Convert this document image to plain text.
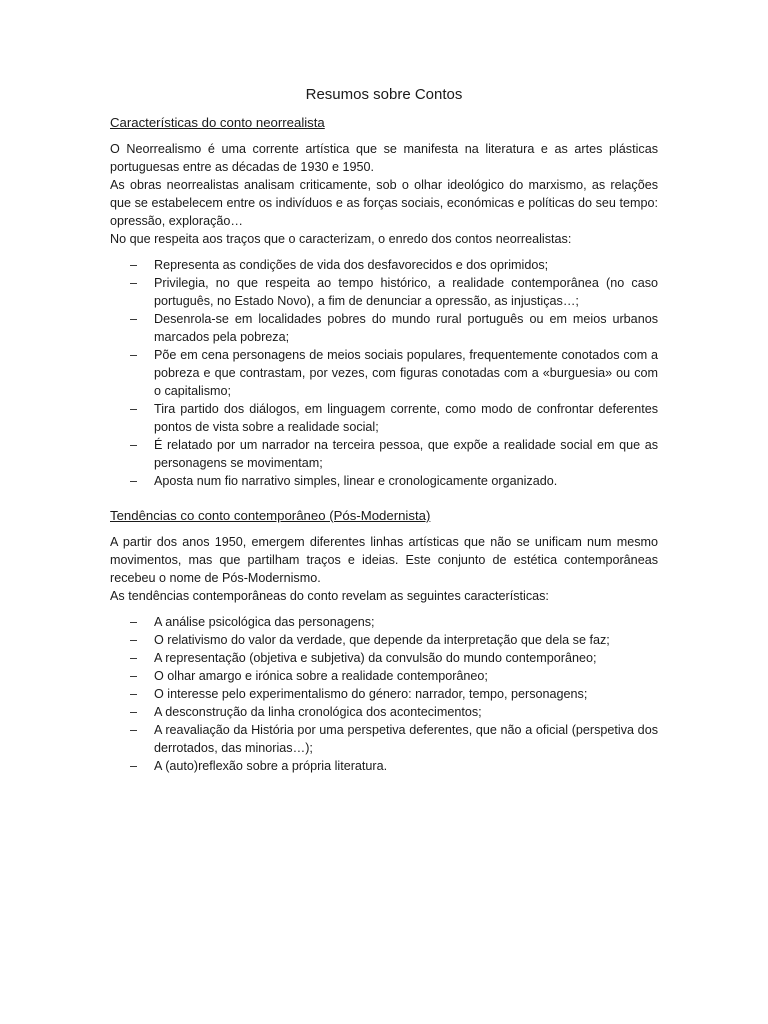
Resumos sobre Contos
Características do conto neorrealista

O Neorrealismo é uma corrente artística que se manifesta na literatura e as artes plásticas portuguesas entre as décadas de 1930 e 1950.

As obras neorrealistas analisam criticamente, sob o olhar ideológico do marxismo, as relações que se estabelecem entre os indivíduos e as forças sociais, económicas e políticas do seu tempo: opressão, exploração…

No que respeita aos traços que o caracterizam, o enredo dos contos neorrealistas:

–	Representa as condições de vida dos desfavorecidos e dos oprimidos;
–	Privilegia, no que respeita ao tempo histórico, a realidade contemporânea (no caso português, no Estado Novo), a fim de denunciar a opressão, as injustiças…;
–	Desenrola-se em localidades pobres do mundo rural português ou em meios urbanos marcados pela pobreza;
–	Põe em cena personagens de meios sociais populares, frequentemente conotados com a pobreza e que contrastam, por vezes, com figuras conotadas com a «burguesia» ou com o capitalismo;
–	Tira partido dos diálogos, em linguagem corrente, como modo de confrontar deferentes pontos de vista sobre a realidade social;
–	É relatado por um narrador na terceira pessoa, que expõe a realidade social em que as personagens se movimentam;
–	Aposta num fio narrativo simples, linear e cronologicamente organizado.
Tendências co conto contemporâneo (Pós-Modernista)

A partir dos anos 1950, emergem diferentes linhas artísticas que não se unificam num mesmo movimentos, mas que partilham traços e ideias. Este conjunto de estética contemporâneas recebeu o nome de Pós-Modernismo.

As tendências contemporâneas do conto revelam as seguintes características:

–	A análise psicológica das personagens;
–	O relativismo do valor da verdade, que depende da interpretação que dela se faz;
–	A representação (objetiva e subjetiva) da convulsão do mundo contemporâneo;
–	O olhar amargo e irónica sobre a realidade contemporâneo;
–	O interesse pelo experimentalismo do género: narrador, tempo, personagens;
–	A desconstrução da linha cronológica dos acontecimentos;
–	A reavaliação da História por uma perspetiva deferentes, que não a oficial (perspetiva dos derrotados, das minorias…);
–	A (auto)reflexão sobre a própria literatura.
